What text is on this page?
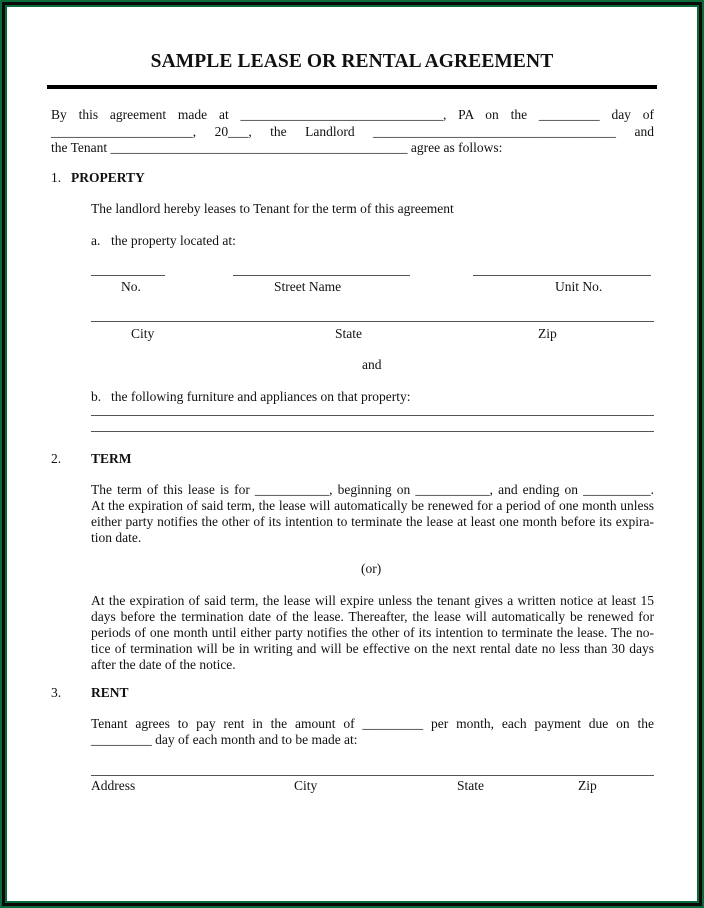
SAMPLE LEASE OR RENTAL AGREEMENT
By this agreement made at ______________________________, PA on the _________ day of
_____________________, 20___, the Landlord ____________________________________ and
the Tenant ____________________________________________ agree as follows:
1. PROPERTY
The landlord hereby leases to Tenant for the term of this agreement
a. the property located at:
No.	Street Name	Unit No.
City	State	Zip
and
b. the following furniture and appliances on that property:
2. TERM
The term of this lease is for ___________, beginning on ___________, and ending on __________.
At the expiration of said term, the lease will automatically be renewed for a period of one month unless
either party notifies the other of its intention to terminate the lease at least one month before its expira-
tion date.
(or)
At the expiration of said term, the lease will expire unless the tenant gives a written notice at least 15
days before the termination date of the lease. Thereafter, the lease will automatically be renewed for
periods of one month until either party notifies the other of its intention to terminate the lease. The no-
tice of termination will be in writing and will be effective on the next rental date no less than 30 days
after the date of the notice.
3. RENT
Tenant agrees to pay rent in the amount of _________ per month, each payment due on the
_________ day of each month and to be made at:
Address	City	State	Zip
